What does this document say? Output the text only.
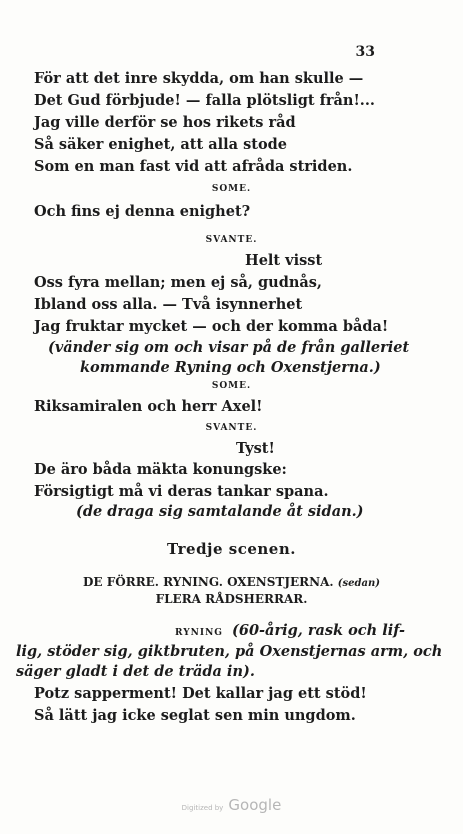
33
För att det inre skydda, om han skulle —
Det Gud förbjude! — falla plötsligt från!...
Jag ville derför se hos rikets råd
Så säker enighet, att alla stode
Som en man fast vid att afråda striden.
SOME.
Och fins ej denna enighet?
SVANTE.
Helt visst
Oss fyra mellan; men ej så, gudnås,
Ibland oss alla. — Två isynnerhet
Jag fruktar mycket — och der komma båda!
(vänder sig om och visar på de från galleriet
kommande Ryning och Oxenstjerna.)
SOME.
Riksamiralen och herr Axel!
SVANTE.
Tyst!
De äro båda mäkta konungske:
Försigtigt må vi deras tankar spana.
(de draga sig samtalande åt sidan.)
Tredje scenen.
DE FÖRRE. RYNING. OXENSTJERNA. (sedan)
FLERA RÅDSHERRAR.
RYNING (60-årig, rask och lif-
lig, stöder sig, giktbruten, på Oxenstjernas arm, och
säger gladt i det de träda in).
Potz sapperment! Det kallar jag ett stöd!
Så lätt jag icke seglat sen min ungdom.
Digitized by Google
